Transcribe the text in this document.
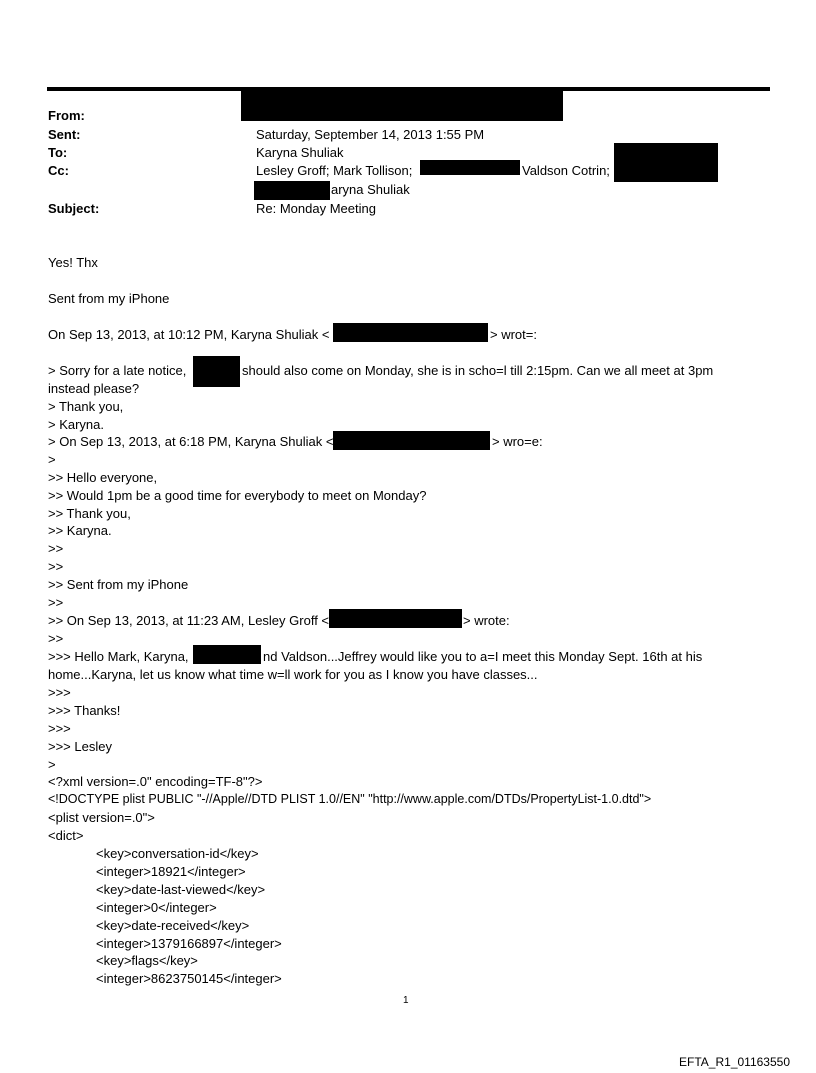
From:
Sent:	Saturday, September 14, 2013 1:55 PM
To:	Karyna Shuliak
Cc:	Lesley Groff; Mark Tollison;	Valdson Cotrin;
aryna Shuliak
Subject:	Re: Monday Meeting
Yes! Thx
Sent from my iPhone
On Sep 13, 2013, at 10:12 PM, Karyna Shuliak <	> wrot=:
> Sorry for a late notice,	should also come on Monday, she is in scho=l till 2:15pm. Can we all meet at 3pm
instead please?
> Thank you,
> Karyna.
> On Sep 13, 2013, at 6:18 PM, Karyna Shuliak <	> wro=e:
>
>> Hello everyone,
>> Would 1pm be a good time for everybody to meet on Monday?
>> Thank you,
>> Karyna.
>>
>>
>> Sent from my iPhone
>>
>> On Sep 13, 2013, at 11:23 AM, Lesley Groff <	> wrote:
>>
>>> Hello Mark, Karyna,	nd Valdson...Jeffrey would like you to a=I meet this Monday Sept. 16th at his
home...Karyna, let us know what time w=ll work for you as I know you have classes...
>>>
>>> Thanks!
>>>
>>> Lesley
>
<?xml version=.0" encoding=TF-8"?>
<!DOCTYPE plist PUBLIC "-//Apple//DTD PLIST 1.0//EN" "http://www.apple.com/DTDs/PropertyList-1.0.dtd">
<plist version=.0">
<dict>
<key>conversation-id</key>
<integer>18921</integer>
<key>date-last-viewed</key>
<integer>0</integer>
<key>date-received</key>
<integer>1379166897</integer>
<key>flags</key>
<integer>8623750145</integer>
1
EFTA_R1_01163550
